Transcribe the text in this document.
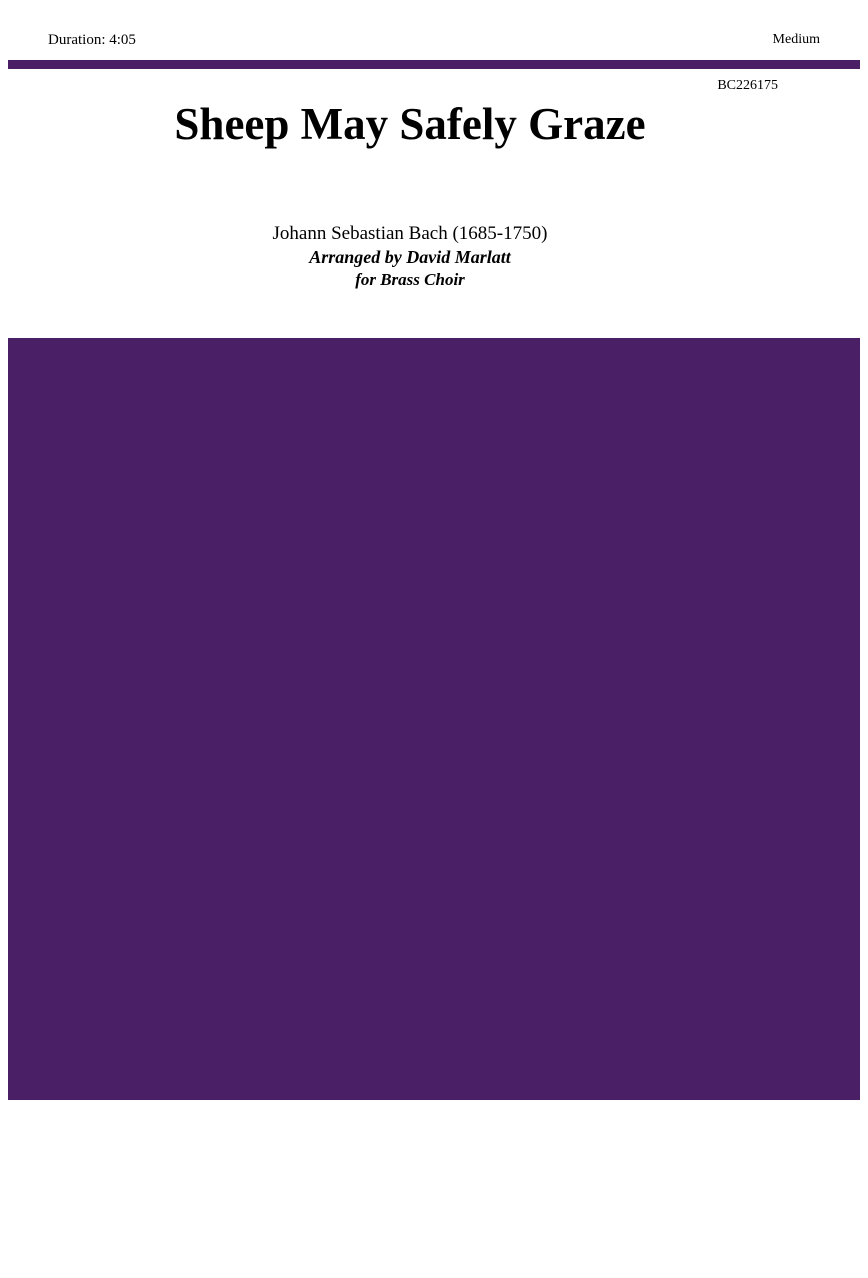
Duration: 4:05	Medium
BC226175
Sheep May Safely Graze
Johann Sebastian Bach (1685-1750)
Arranged by David Marlatt
for Brass Choir
EIGHTH NOTE
PUBLICATIONS
